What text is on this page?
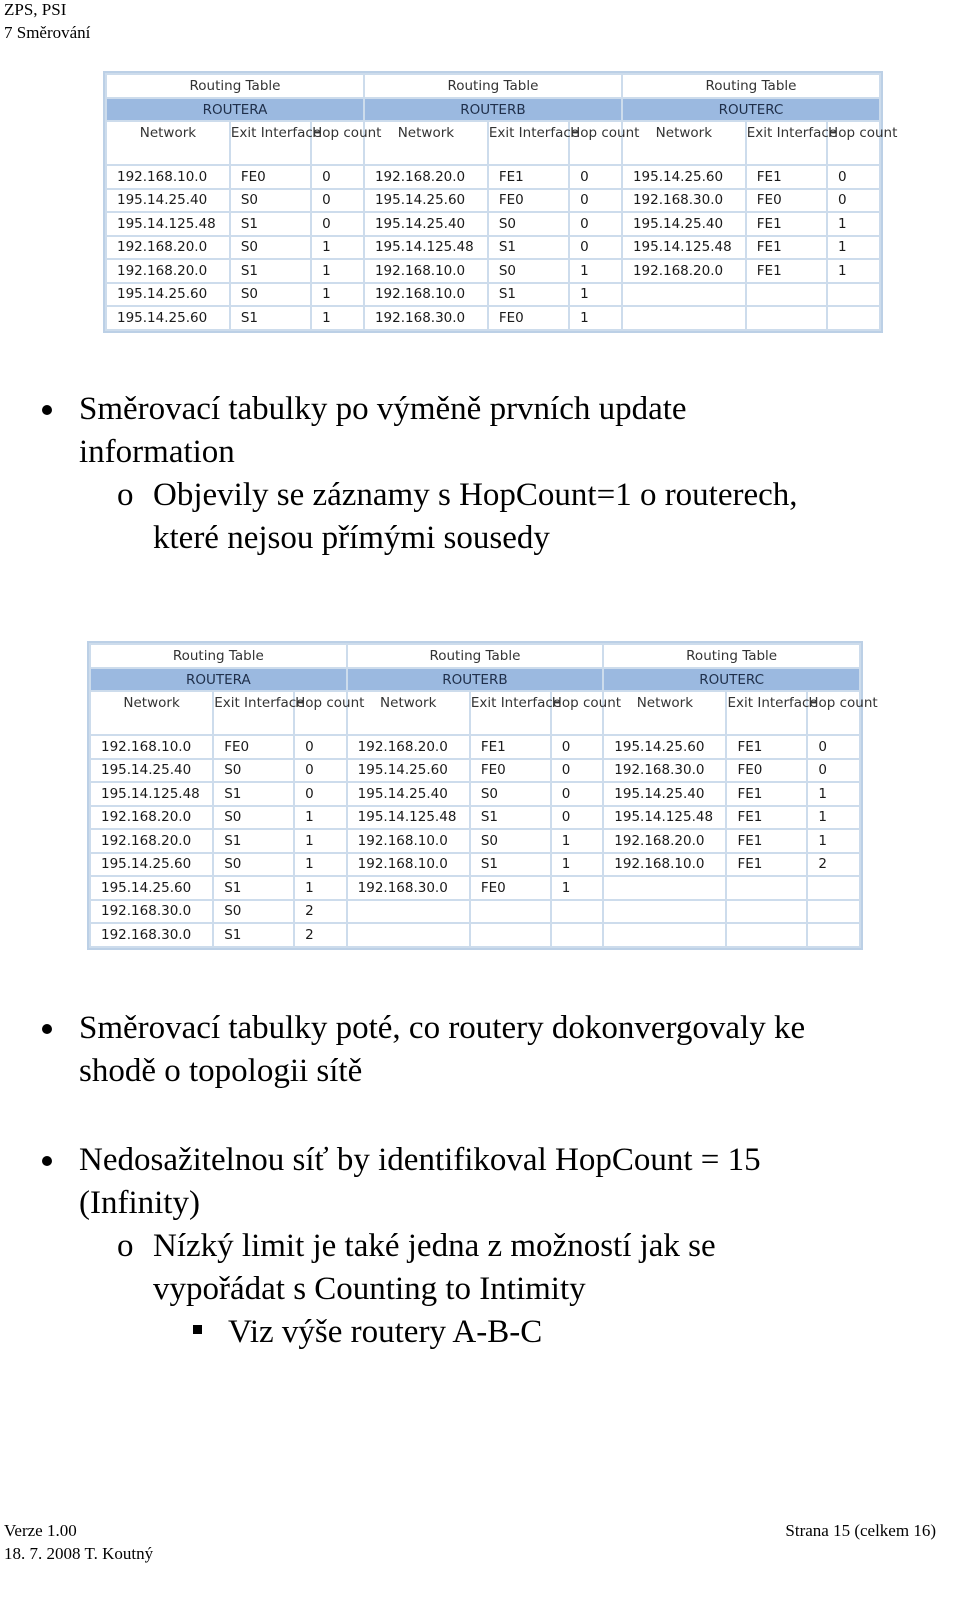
ZPS, PSI
7 Směrování
Routing Table			Routing Table			Routing Table		
ROUTERA			ROUTERB			ROUTERC		
Network	Exit Interface	Hop count	Network	Exit Interface	Hop count	Network	Exit Interface	Hop count
192.168.10.0	FE0	0	192.168.20.0	FE1	0	195.14.25.60	FE1	0
195.14.25.40	S0	0	195.14.25.60	FE0	0	192.168.30.0	FE0	0
195.14.125.48	S1	0	195.14.25.40	S0	0	195.14.25.40	FE1	1
192.168.20.0	S0	1	195.14.125.48	S1	0	195.14.125.48	FE1	1
192.168.20.0	S1	1	192.168.10.0	S0	1	192.168.20.0	FE1	1
195.14.25.60	S0	1	192.168.10.0	S1	1			
195.14.25.60	S1	1	192.168.30.0	FE0	1			
Směrovací tabulky po výměně prvních update
information
o Objevily se záznamy s HopCount=1 o routerech,
které nejsou přímými sousedy
Routing Table			Routing Table			Routing Table		
ROUTERA			ROUTERB			ROUTERC		
Network	Exit Interface	Hop count	Network	Exit Interface	Hop count	Network	Exit Interface	Hop count
192.168.10.0	FE0	0	192.168.20.0	FE1	0	195.14.25.60	FE1	0
195.14.25.40	S0	0	195.14.25.60	FE0	0	192.168.30.0	FE0	0
195.14.125.48	S1	0	195.14.25.40	S0	0	195.14.25.40	FE1	1
192.168.20.0	S0	1	195.14.125.48	S1	0	195.14.125.48	FE1	1
192.168.20.0	S1	1	192.168.10.0	S0	1	192.168.20.0	FE1	1
195.14.25.60	S0	1	192.168.10.0	S1	1	192.168.10.0	FE1	2
195.14.25.60	S1	1	192.168.30.0	FE0	1			
192.168.30.0	S0	2						
192.168.30.0	S1	2						
Směrovací tabulky poté, co routery dokonvergovaly ke
shodě o topologii sítě
Nedosažitelnou síť by identifikoval HopCount = 15
(Infinity)
o Nízký limit je také jedna z možností jak se
vypořádat s Counting to Intimity
Viz výše routery A-B-C
Verze 1.00
18. 7. 2008 T. Koutný
Strana 15 (celkem 16)
